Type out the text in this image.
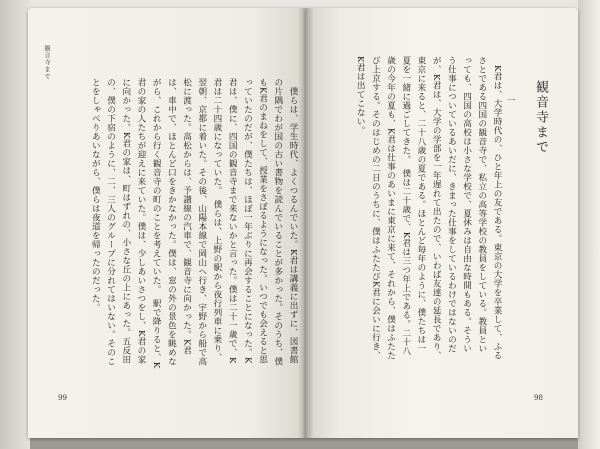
観音寺まで
　僕らは、学生時代、よくつるんでいた。K君は講義に出ずに、図書館の片隅でわが国の古い書物を読んでいることが多かった。そのうち、僕もK君のまねをして、授業をさぼるようになった。いつでも会えると思っていたのだが、僕たちは、ほぼ一年ぶりに再会することになった。K君は、僕に、四国の観音寺まで来ないかと言った。僕は二十一歳で、K君は二十四歳になっていた。　僕らは、上野の駅から夜行列車に乗り、翌朝、京都に着いた。その後、山陽本線で岡山へ行き、宇野から船で高松に渡った。高松からは、予讃線の汽車で、観音寺に向かった。K君は、車中で、ほとんど口をきかなかった。僕は、窓の外の景色を眺めながら、これから行く観音寺の町のことを考えていた。　駅で降りると、K君の家の人たちが迎えに来ていた。僕は、少しあいさつをし、K君の家に向かった。K君の家は、町はずれの、小さな丘の上にあった。五反田の、僕の下宿のように、二、三人のグループに分れてはいない。そのことをしゃべりあいながら、僕らは夜道を帰ったのだった。
99
観音寺まで
一
　K君は、大学時代の、ひと年上の友である。東京の大学を卒業して、ふるさとである四国の観音寺で、私立の高等学校の教員をしている。教員といっても、四国の高校は小さな学校で、夏休みは自由な時間もある。そういう仕事についているあいだに、きまった仕事をしているわけではないのだが、K君は、大学の学部を一年遅れて出たので、いわば友達の延長であり、東京に来ると、二十八歳の夏である。ほとんど毎年のように、僕たちは一夏を一緒に過ごしてきた。　僕は二十歳で、K君は三つ年上である。二十八歳の今年の夏も、K君は仕事のあいまに東京に来て、それから、僕はふたたび上京する。そのはじめの二日のうちに、僕はふたたびK君に会いに行き、K君は出てこない。
98
